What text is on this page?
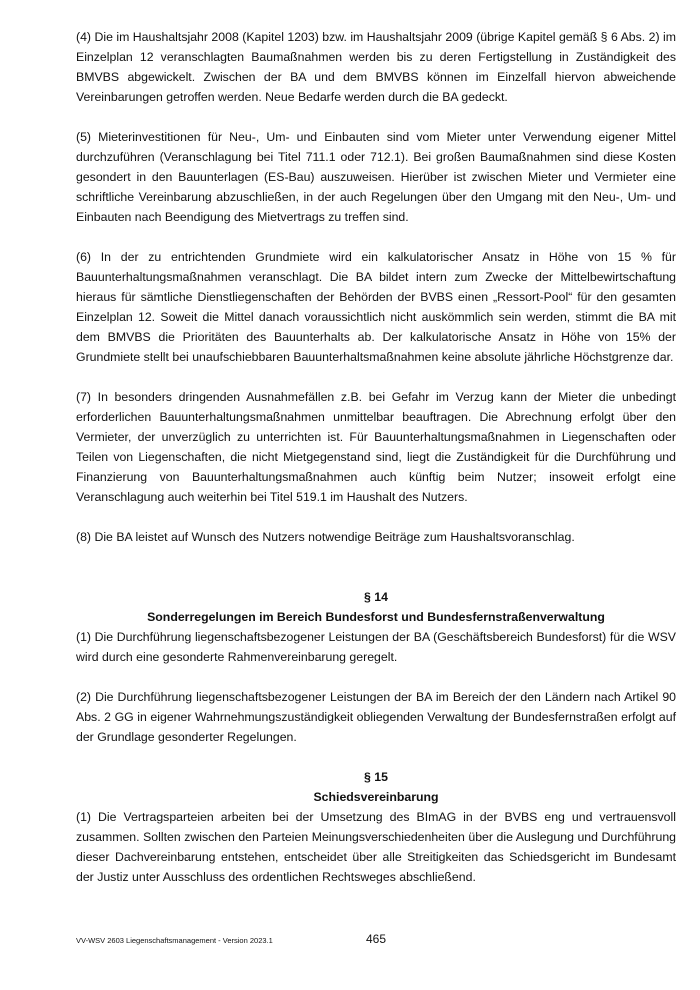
(4) Die im Haushaltsjahr 2008 (Kapitel 1203) bzw. im Haushaltsjahr 2009 (übrige Kapitel gemäß § 6 Abs. 2) im Einzelplan 12 veranschlagten Baumaßnahmen werden bis zu deren Fertigstellung in Zuständigkeit des BMVBS abgewickelt. Zwischen der BA und dem BMVBS können im Einzelfall hiervon abweichende Vereinbarungen getroffen werden. Neue Bedarfe werden durch die BA gedeckt.

(5) Mieterinvestitionen für Neu-, Um- und Einbauten sind vom Mieter unter Verwendung eigener Mittel durchzuführen (Veranschlagung bei Titel 711.1 oder 712.1). Bei großen Baumaßnahmen sind diese Kosten gesondert in den Bauunterlagen (ES-Bau) auszuweisen. Hierüber ist zwischen Mieter und Vermieter eine schriftliche Vereinbarung abzuschließen, in der auch Regelungen über den Umgang mit den Neu-, Um- und Einbauten nach Beendigung des Mietvertrags zu treffen sind.

(6) In der zu entrichtenden Grundmiete wird ein kalkulatorischer Ansatz in Höhe von 15 % für Bauunterhaltungsmaßnahmen veranschlagt. Die BA bildet intern zum Zwecke der Mittelbewirtschaftung hieraus für sämtliche Dienstliegenschaften der Behörden der BVBS einen „Ressort-Pool“ für den gesamten Einzelplan 12. Soweit die Mittel danach voraussichtlich nicht auskömmlich sein werden, stimmt die BA mit dem BMVBS die Prioritäten des Bauunterhalts ab. Der kalkulatorische Ansatz in Höhe von 15% der Grundmiete stellt bei unaufschiebbaren Bauunterhaltsmaßnahmen keine absolute jährliche Höchstgrenze dar.

(7) In besonders dringenden Ausnahmefällen z.B. bei Gefahr im Verzug kann der Mieter die unbedingt erforderlichen Bauunterhaltungsmaßnahmen unmittelbar beauftragen. Die Abrechnung erfolgt über den Vermieter, der unverzüglich zu unterrichten ist. Für Bauunterhaltungsmaßnahmen in Liegenschaften oder Teilen von Liegenschaften, die nicht Mietgegenstand sind, liegt die Zuständigkeit für die Durchführung und Finanzierung von Bauunterhaltungsmaßnahmen auch künftig beim Nutzer; insoweit erfolgt eine Veranschlagung auch weiterhin bei Titel 519.1 im Haushalt des Nutzers.

(8) Die BA leistet auf Wunsch des Nutzers notwendige Beiträge zum Haushaltsvoranschlag.

§ 14
Sonderregelungen im Bereich Bundesforst und Bundesfernstraßenverwaltung

(1) Die Durchführung liegenschaftsbezogener Leistungen der BA (Geschäftsbereich Bundesforst) für die WSV wird durch eine gesonderte Rahmenvereinbarung geregelt.

(2) Die Durchführung liegenschaftsbezogener Leistungen der BA im Bereich der den Ländern nach Artikel 90 Abs. 2 GG in eigener Wahrnehmungszuständigkeit obliegenden Verwaltung der Bundesfernstraßen erfolgt auf der Grundlage gesonderter Regelungen.

§ 15
Schiedsvereinbarung

(1) Die Vertragsparteien arbeiten bei der Umsetzung des BImAG in der BVBS eng und vertrauensvoll zusammen. Sollten zwischen den Parteien Meinungsverschiedenheiten über die Auslegung und Durchführung dieser Dachvereinbarung entstehen, entscheidet über alle Streitigkeiten das Schiedsgericht im Bundesamt der Justiz unter Ausschluss des ordentlichen Rechtsweges abschließend.

VV-WSV 2603 Liegenschaftsmanagement - Version 2023.1	465
